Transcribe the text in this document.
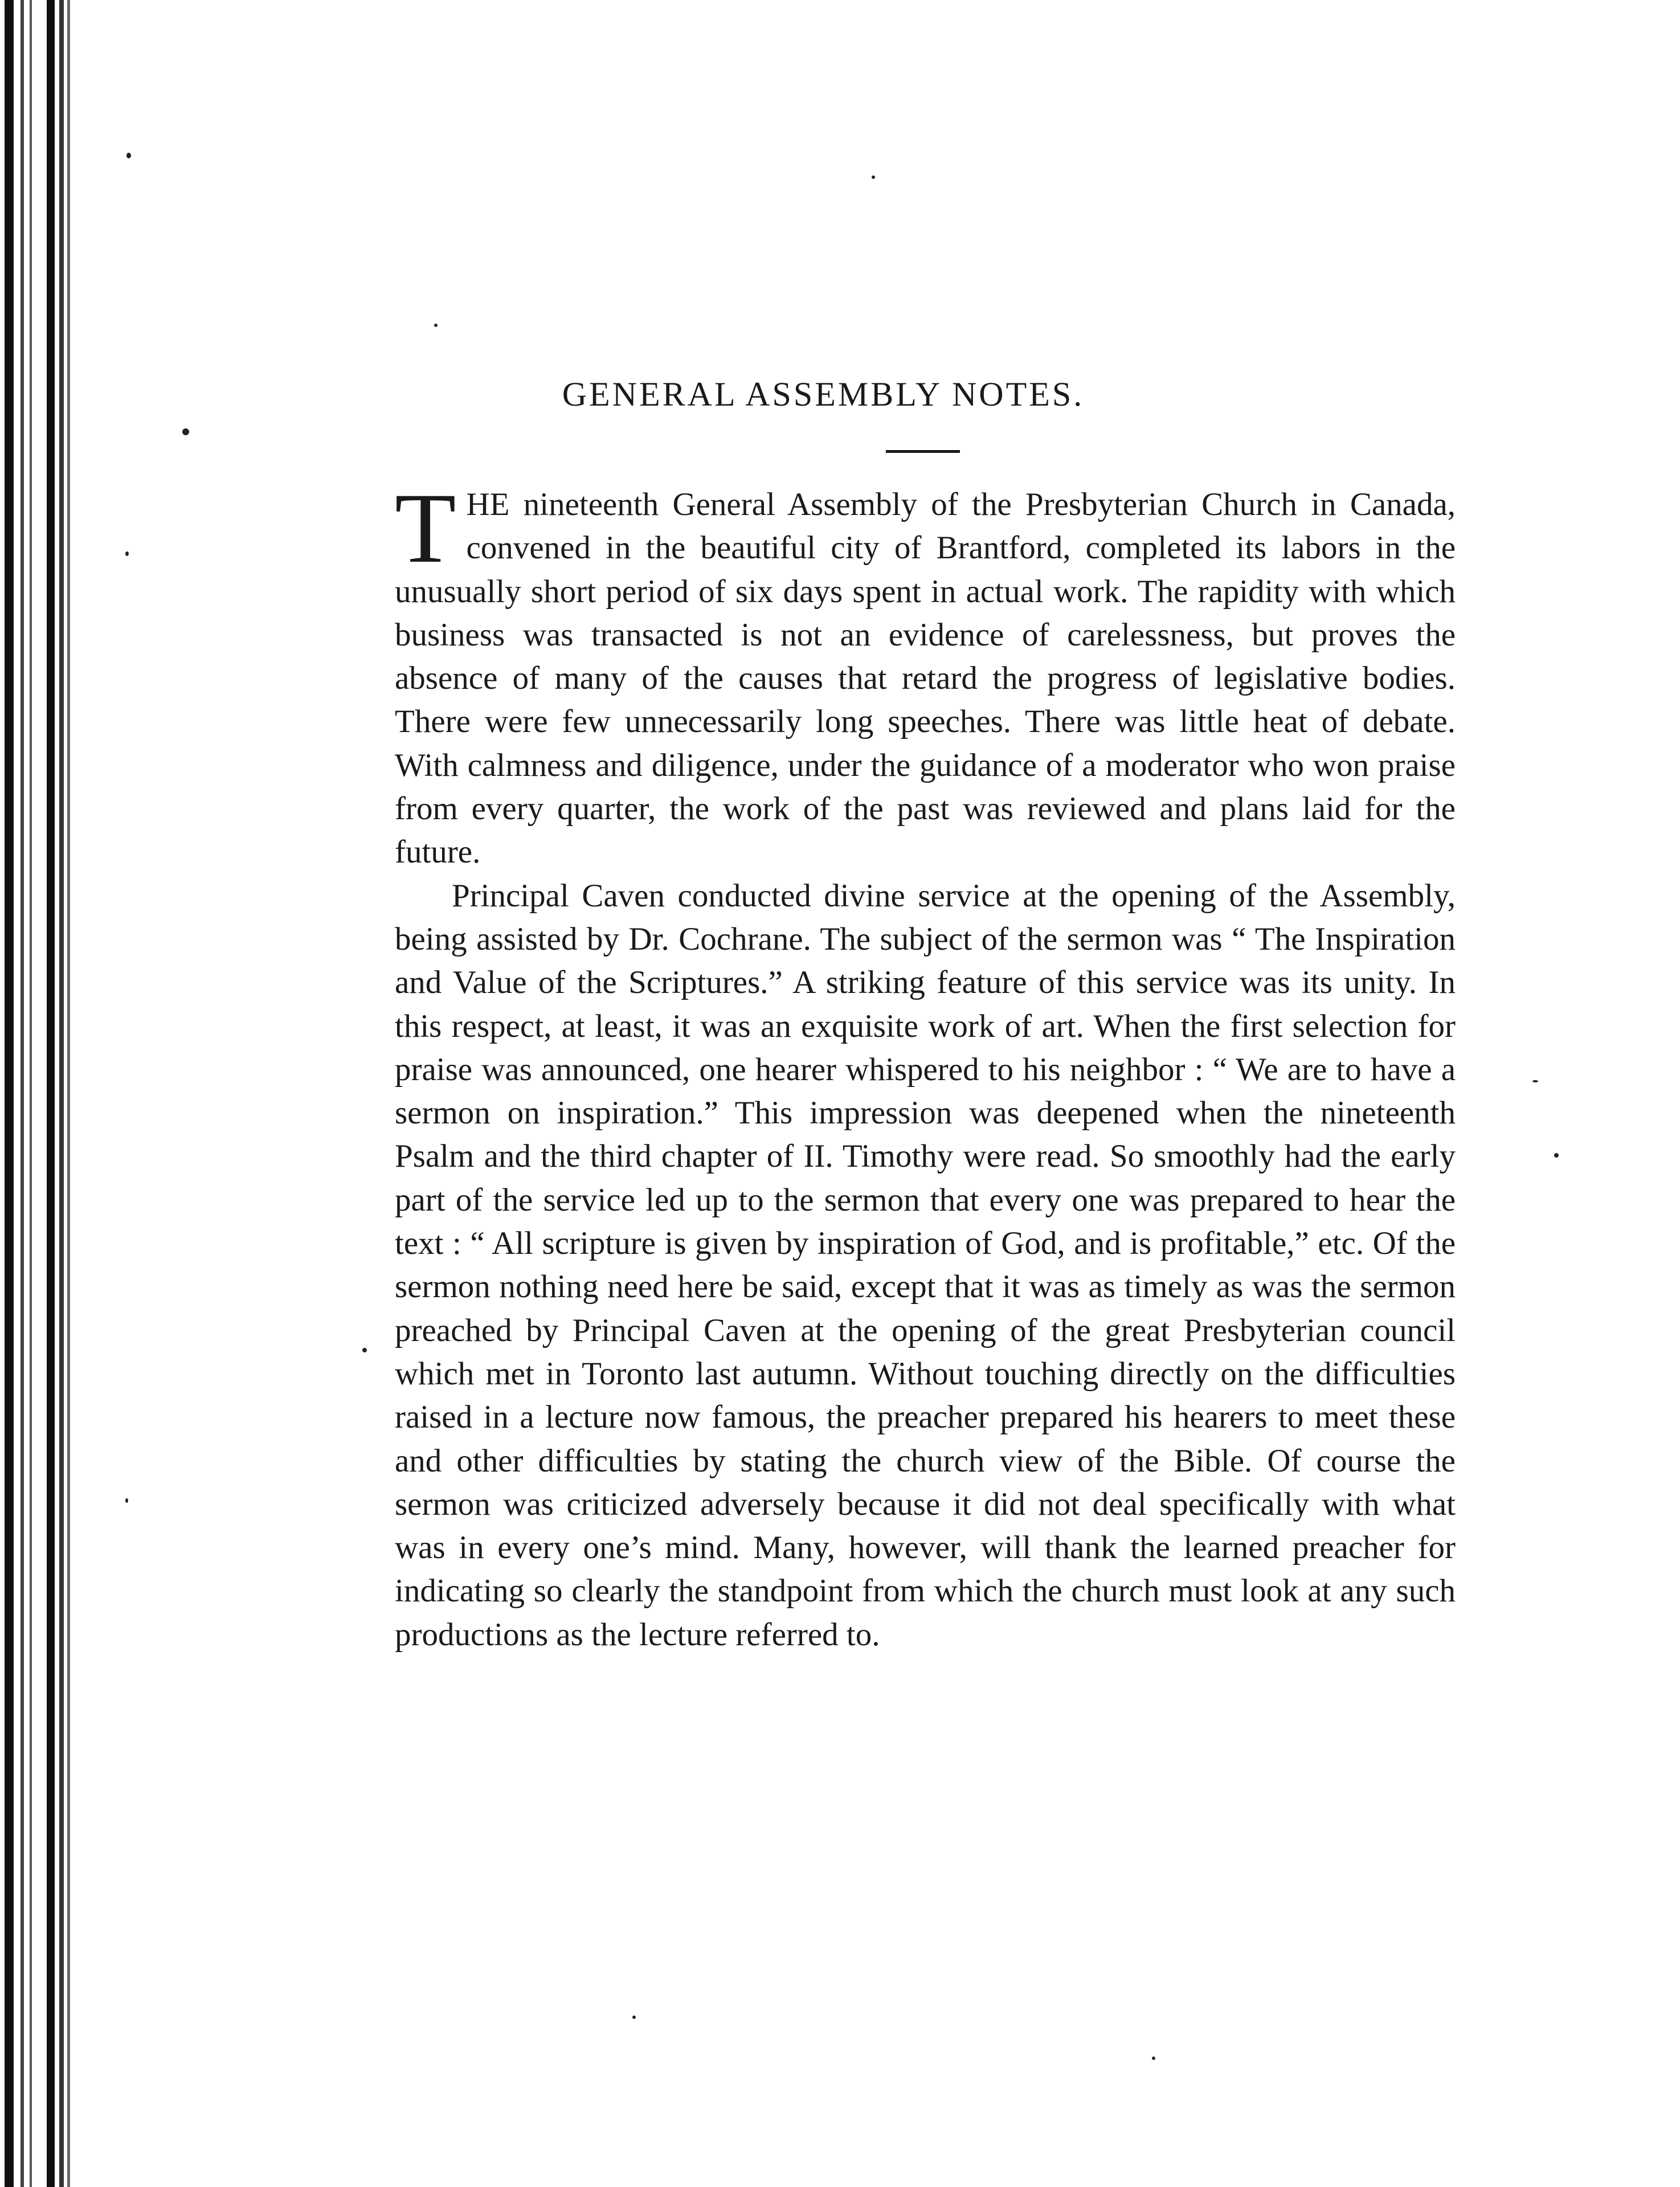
GENERAL ASSEMBLY NOTES.

THE nineteenth General Assembly of the Presbyterian Church in Canada, convened in the beautiful city of Brantford, completed its labors in the unusually short period of six days spent in actual work. The rapidity with which business was transacted is not an evidence of carelessness, but proves the absence of many of the causes that retard the progress of legislative bodies. There were few unnecessarily long speeches. There was little heat of debate. With calmness and diligence, under the guidance of a moderator who won praise from every quarter, the work of the past was reviewed and plans laid for the future.

Principal Caven conducted divine service at the opening of the Assembly, being assisted by Dr. Cochrane. The subject of the sermon was “ The Inspiration and Value of the Scriptures.” A striking feature of this service was its unity. In this respect, at least, it was an exquisite work of art. When the first selection for praise was announced, one hearer whispered to his neighbor : “ We are to have a sermon on inspiration.” This impression was deepened when the nineteenth Psalm and the third chapter of II. Timothy were read. So smoothly had the early part of the service led up to the sermon that every one was prepared to hear the text : “ All scripture is given by inspiration of God, and is profitable,” etc. Of the sermon nothing need here be said, except that it was as timely as was the sermon preached by Principal Caven at the opening of the great Presbyterian council which met in Toronto last autumn. Without touching directly on the difficulties raised in a lecture now famous, the preacher prepared his hearers to meet these and other difficulties by stating the church view of the Bible. Of course the sermon was criticized adversely because it did not deal specifically with what was in every one’s mind. Many, however, will thank the learned preacher for indicating so clearly the standpoint from which the church must look at any such productions as the lecture referred to.
